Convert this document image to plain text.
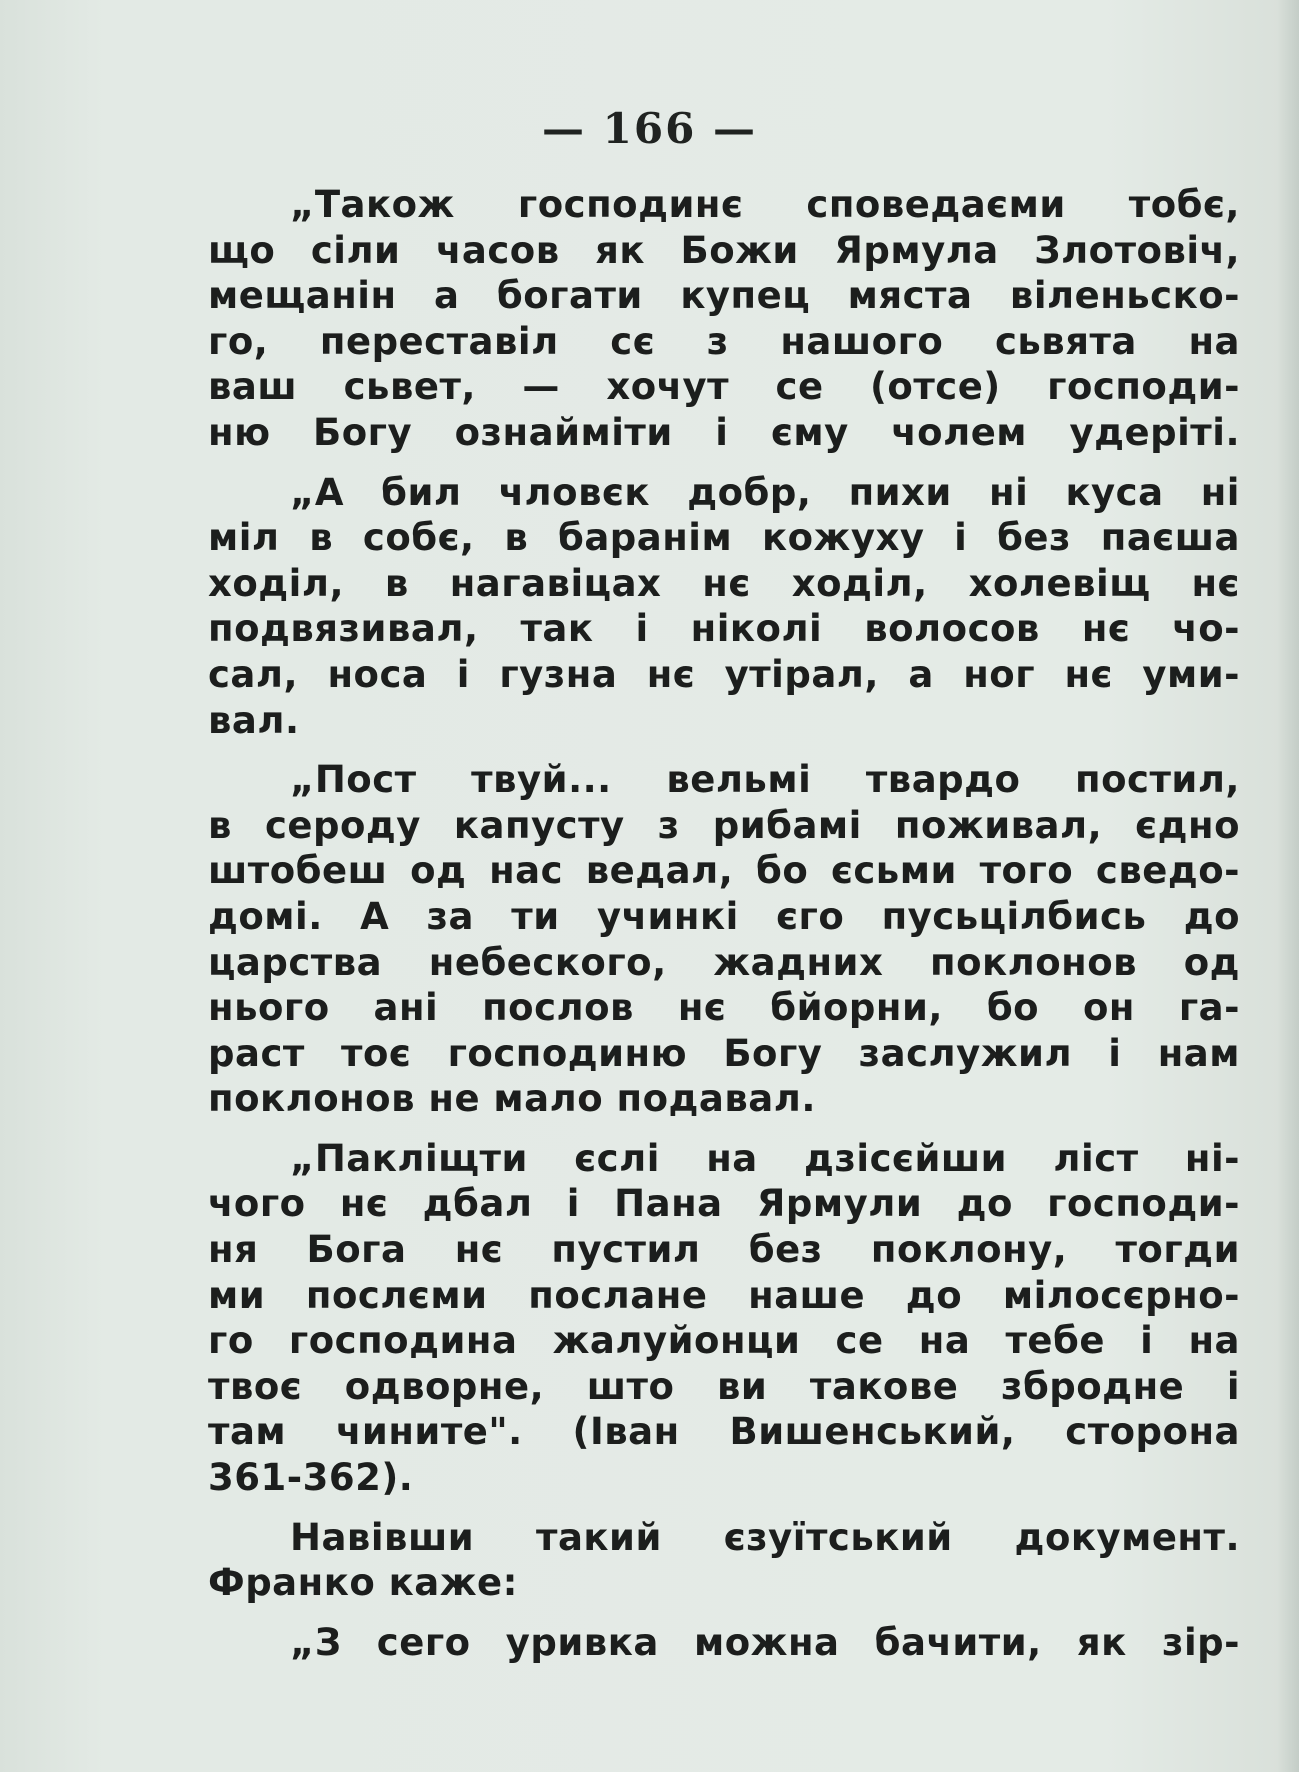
— 166 —
„Також господинє споведаєми тобє,
що сіли часов як Божи Ярмула Злотовіч,
мещанін а богати купец мяста віленьско-
го, переставіл сє з нашого сьвята на
ваш сьвет, — хочут се (отсе) господи-
ню Богу ознайміти і єму чолем удеріті.
„А бил чловєк добр, пихи ні куса ні
міл в собє, в баранім кожуху і без паєша
ходіл, в нагавіцах нє ходіл, холевіщ нє
подвязивал, так і ніколі волосов нє чо-
сал, носа і гузна нє утірал, а ног нє уми-
вал.
„Пост твуй... вельмі твардо постил,
в сероду капусту з рибамі поживал, єдно
штобеш од нас ведал, бо єсьми того сведо-
домі. А за ти учинкі єго пусьцілбись до
царства небеского, жадних поклонов од
нього ані послов нє бйорни, бо он га-
раст тоє господиню Богу заслужил і нам
поклонов не мало подавал.
„Пакліщти єслі на дзісєйши ліст ні-
чого нє дбал і Пана Ярмули до господи-
ня Бога нє пустил без поклону, тогди
ми послєми послане наше до мілосєрно-
го господина жалуйонци се на тебе і на
твоє одворне, што ви такове збродне і
там чините". (Іван Вишенський, сторона
361-362).
Навівши такий єзуїтський документ.
Франко каже:
„З сего уривка можна бачити, як зір-
